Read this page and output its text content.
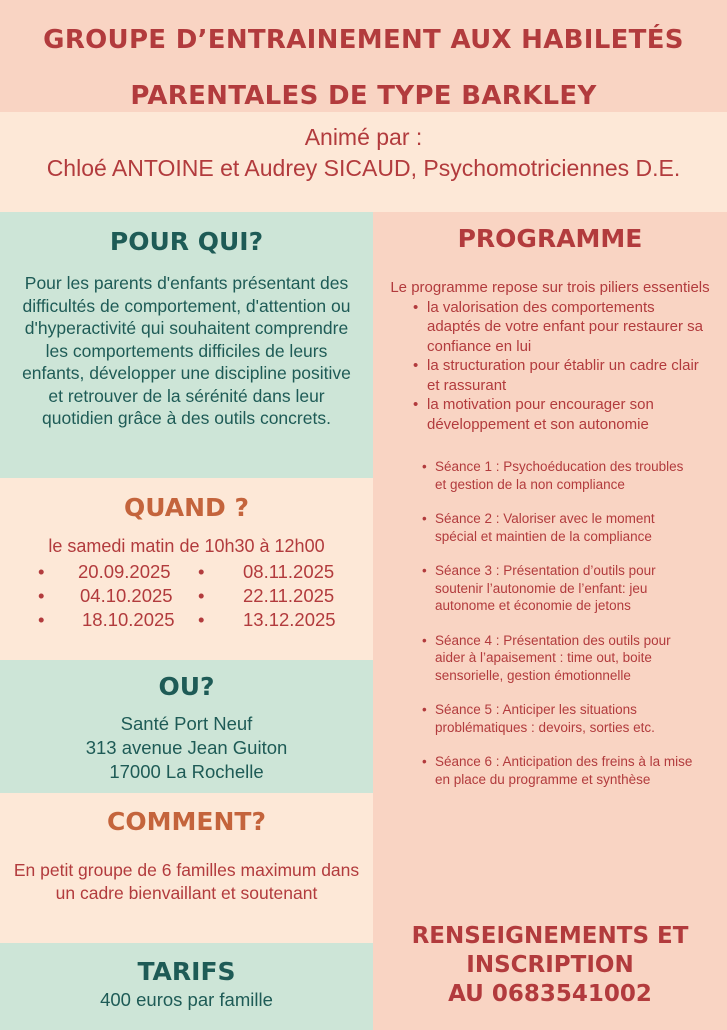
GROUPE D’ENTRAINEMENT AUX HABILETÉS

PARENTALES DE TYPE BARKLEY

Animé par :
Chloé ANTOINE et Audrey SICAUD, Psychomotriciennes D.E.

POUR QUI?

Pour les parents d'enfants présentant des difficultés de comportement, d'attention ou d'hyperactivité qui souhaitent comprendre les comportements difficiles de leurs enfants, développer une discipline positive et retrouver de la sérénité dans leur quotidien grâce à des outils concrets.

QUAND ?

le samedi matin de 10h30 à 12h00
• 20.09.2025 • 08.11.2025
• 04.10.2025 • 22.11.2025
• 18.10.2025 • 13.12.2025

OU?

Santé Port Neuf
313 avenue Jean Guiton
17000 La Rochelle

COMMENT?

En petit groupe de 6 familles maximum dans un cadre bienvaillant et soutenant

TARIFS

400 euros par famille

PROGRAMME

Le programme repose sur trois piliers essentiels

• la valorisation des comportements adaptés de votre enfant pour restaurer sa confiance en lui
• la structuration pour établir un cadre clair et rassurant
• la motivation pour encourager son développement et son autonomie
• Séance 1 : Psychoéducation des troubles et gestion de la non compliance
• Séance 2 : Valoriser avec le moment spécial et maintien de la compliance
• Séance 3 : Présentation d’outils pour soutenir l’autonomie de l’enfant: jeu autonome et économie de jetons
• Séance 4 : Présentation des outils pour aider à l’apaisement : time out, boite sensorielle, gestion émotionnelle
• Séance 5 : Anticiper les situations problématiques : devoirs, sorties etc.
• Séance 6 : Anticipation des freins à la mise en place du programme et synthèse
RENSEIGNEMENTS ET
INSCRIPTION
AU 0683541002
